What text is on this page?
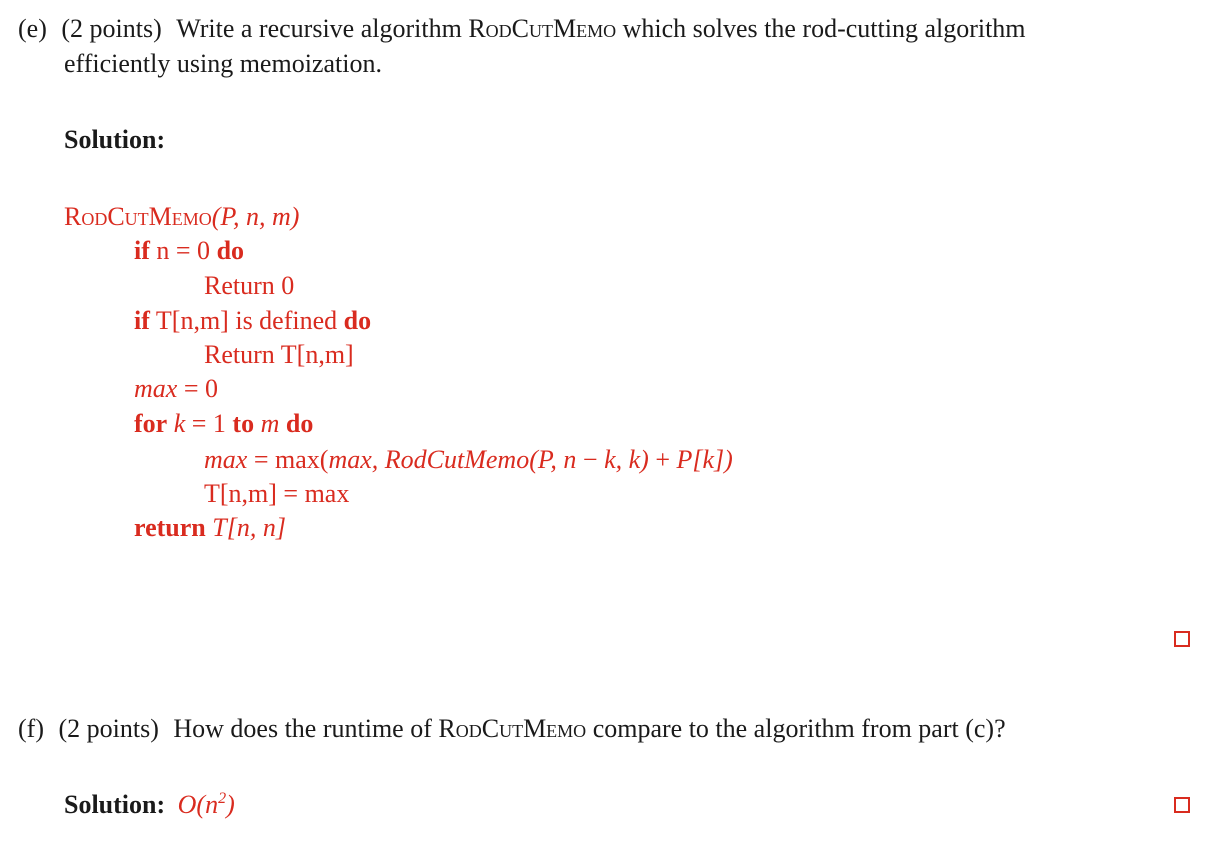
(e) (2 points) Write a recursive algorithm RodCutMemo which solves the rod-cutting algorithm
efficiently using memoization.
Solution:
RodCutMemo(P, n, m)
if n = 0 do
Return 0
if T[n,m] is defined do
Return T[n,m]
max = 0
for k = 1 to m do
max = max(max, RodCutMemo(P, n − k, k) + P[k])
T[n,m] = max
return T[n, n]
(f) (2 points) How does the runtime of RodCutMemo compare to the algorithm from part (c)?
Solution: $O(n^2)$
